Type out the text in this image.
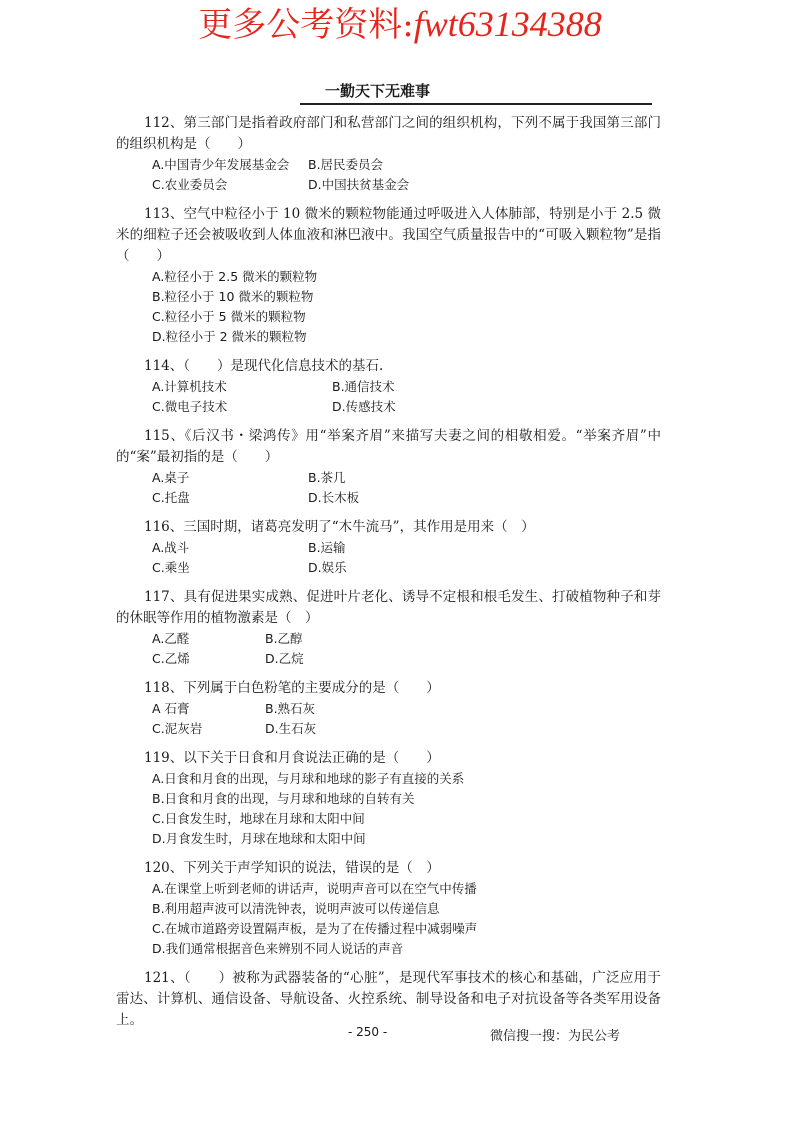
更多公考资料:fwt63134388
一勤天下无难事
112、第三部门是指着政府部门和私营部门之间的组织机构，下列不属于我国第三部门的组织机构是（　　）
A.中国青少年发展基金会	B.居民委员会
C.农业委员会	D.中国扶贫基金会
113、空气中粒径小于 10 微米的颗粒物能通过呼吸进入人体肺部，特别是小于 2.5 微米的细粒子还会被吸收到人体血液和淋巴液中。我国空气质量报告中的“可吸入颗粒物”是指（　　）
A.粒径小于 2.5 微米的颗粒物
B.粒径小于 10 微米的颗粒物
C.粒径小于 5 微米的颗粒物
D.粒径小于 2 微米的颗粒物
114、（　　）是现代化信息技术的基石.
A.计算机技术	B.通信技术
C.微电子技术	D.传感技术
115、《后汉书・梁鸿传》用“举案齐眉”来描写夫妻之间的相敬相爱。“举案齐眉”中的“案”最初指的是（　　）
A.桌子	B.茶几
C.托盘	D.长木板
116、三国时期，诸葛亮发明了“木牛流马”，其作用是用来（　）
A.战斗	B.运输
C.乘坐	D.娱乐
117、具有促进果实成熟、促进叶片老化、诱导不定根和根毛发生、打破植物种子和芽的休眠等作用的植物激素是（　）
A.乙醛	B.乙醇
C.乙烯	D.乙烷
118、下列属于白色粉笔的主要成分的是（　　）
A 石膏	B.熟石灰
C.泥灰岩	D.生石灰
119、以下关于日食和月食说法正确的是（　　）
A.日食和月食的出现，与月球和地球的影子有直接的关系
B.日食和月食的出现，与月球和地球的自转有关
C.日食发生时，地球在月球和太阳中间
D.月食发生时，月球在地球和太阳中间
120、下列关于声学知识的说法，错误的是（　）
A.在课堂上听到老师的讲话声，说明声音可以在空气中传播
B.利用超声波可以清洗钟表，说明声波可以传递信息
C.在城市道路旁设置隔声板，是为了在传播过程中减弱噪声
D.我们通常根据音色来辨别不同人说话的声音
121、（　　）被称为武器装备的“心脏”，是现代军事技术的核心和基础，广泛应用于雷达、计算机、通信设备、导航设备、火控系统、制导设备和电子对抗设备等各类军用设备上。
- 250 -	微信搜一搜：为民公考
